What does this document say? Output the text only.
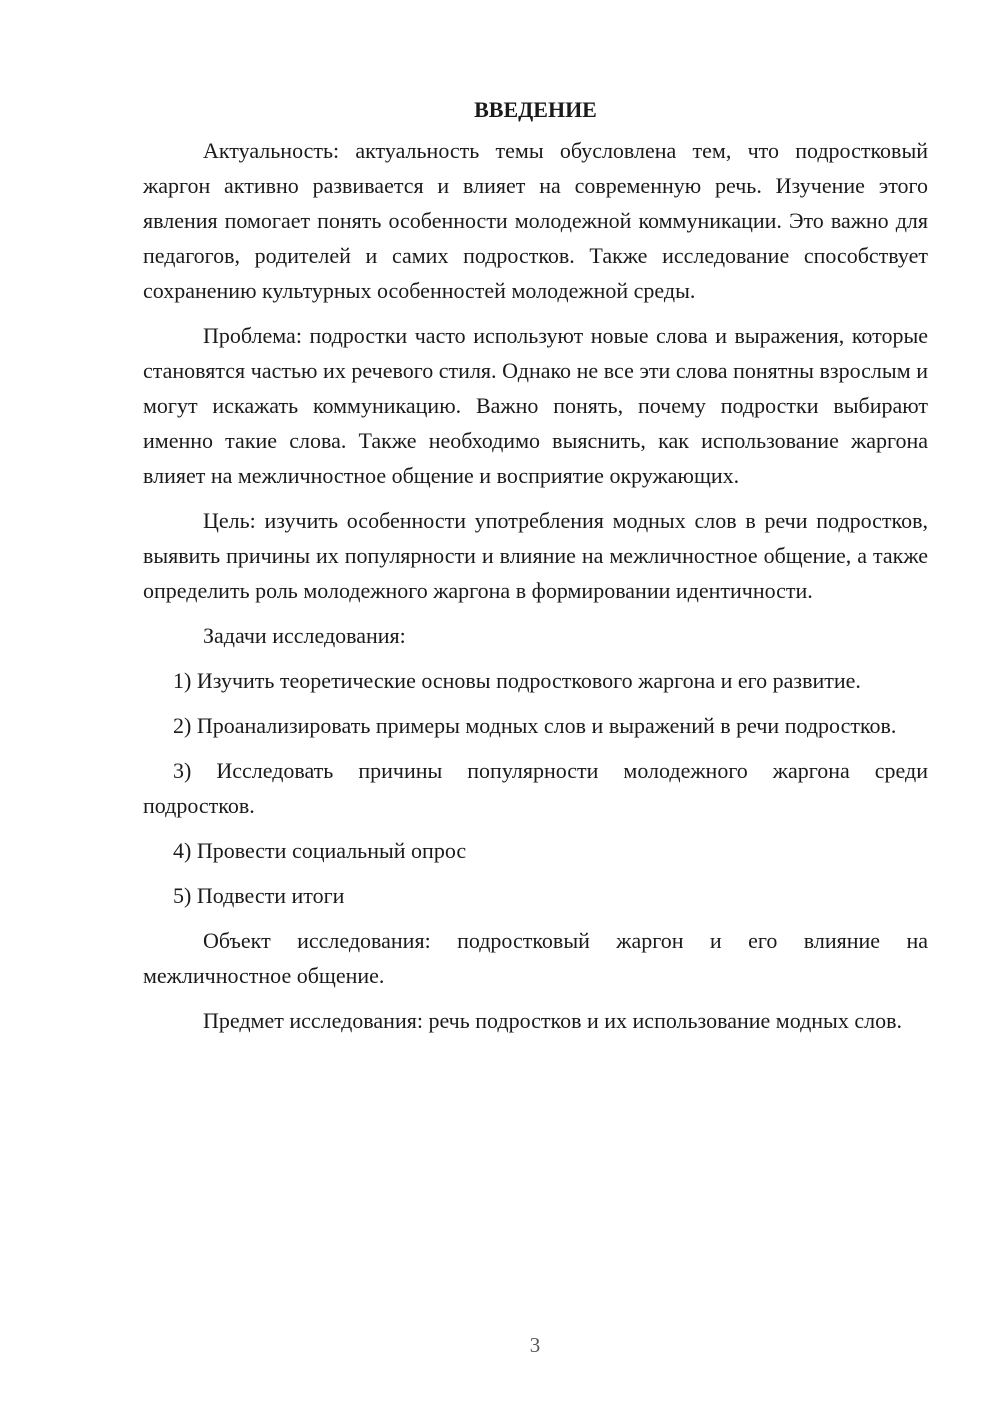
ВВЕДЕНИЕ

Актуальность: актуальность темы обусловлена тем, что подростковый жаргон активно развивается и влияет на современную речь. Изучение этого явления помогает понять особенности молодежной коммуникации. Это важно для педагогов, родителей и самих подростков. Также исследование способствует сохранению культурных особенностей молодежной среды.

Проблема: подростки часто используют новые слова и выражения, которые становятся частью их речевого стиля. Однако не все эти слова понятны взрослым и могут искажать коммуникацию. Важно понять, почему подростки выбирают именно такие слова. Также необходимо выяснить, как использование жаргона влияет на межличностное общение и восприятие окружающих.

Цель: изучить особенности употребления модных слов в речи подростков, выявить причины их популярности и влияние на межличностное общение, а также определить роль молодежного жаргона в формировании идентичности.

Задачи исследования:

1) Изучить теоретические основы подросткового жаргона и его развитие.

2) Проанализировать примеры модных слов и выражений в речи подростков.

3) Исследовать причины популярности молодежного жаргона среди подростков.

4) Провести социальный опрос

5) Подвести итоги

Объект исследования: подростковый жаргон и его влияние на межличностное общение.

Предмет исследования: речь подростков и их использование модных слов.

3
